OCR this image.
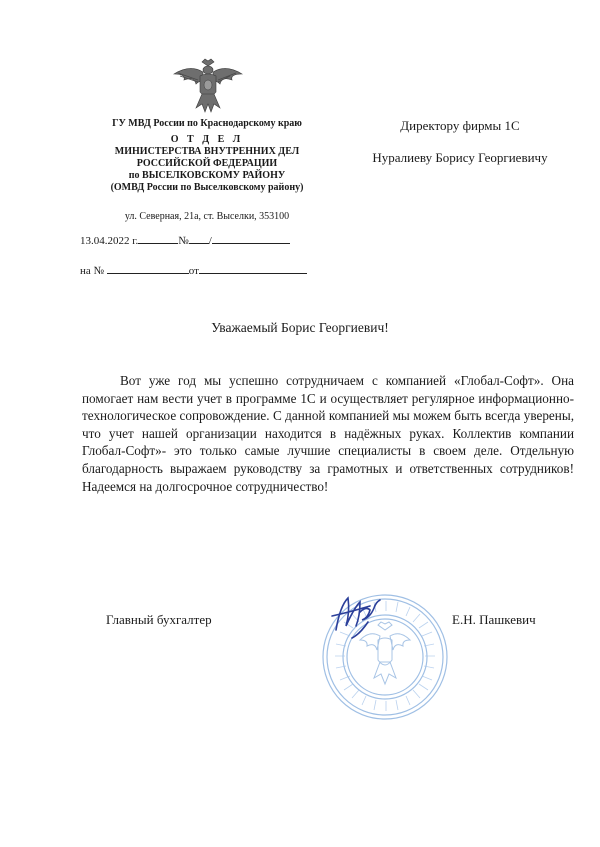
ГУ МВД России по Краснодарскому краю
О Т Д Е Л
МИНИСТЕРСТВА ВНУТРЕННИХ ДЕЛ
РОССИЙСКОЙ ФЕДЕРАЦИИ
по ВЫСЕЛКОВСКОМУ РАЙОНУ
(ОМВД России по Выселковскому району)
ул. Северная, 21а, ст. Выселки, 353100
13.04.2022 г.	№ /
на №	от
Директору фирмы 1С
Нуралиеву Борису Георгиевичу
Уважаемый Борис Георгиевич!

Вот уже год мы успешно сотрудничаем с компанией «Глобал-Софт». Она помогает нам вести учет в программе 1С и осуществляет регулярное информационно-технологическое сопровождение. С данной компанией мы можем быть всегда уверены, что учет нашей организации находится в надёжных руках. Коллектив компании Глобал-Софт»- это только самые лучшие специалисты в своем деле. Отдельную благодарность выражаем руководству за грамотных и ответственных сотрудников! Надеемся на долгосрочное сотрудничество!

Главный бухгалтер	Е.Н. Пашкевич
